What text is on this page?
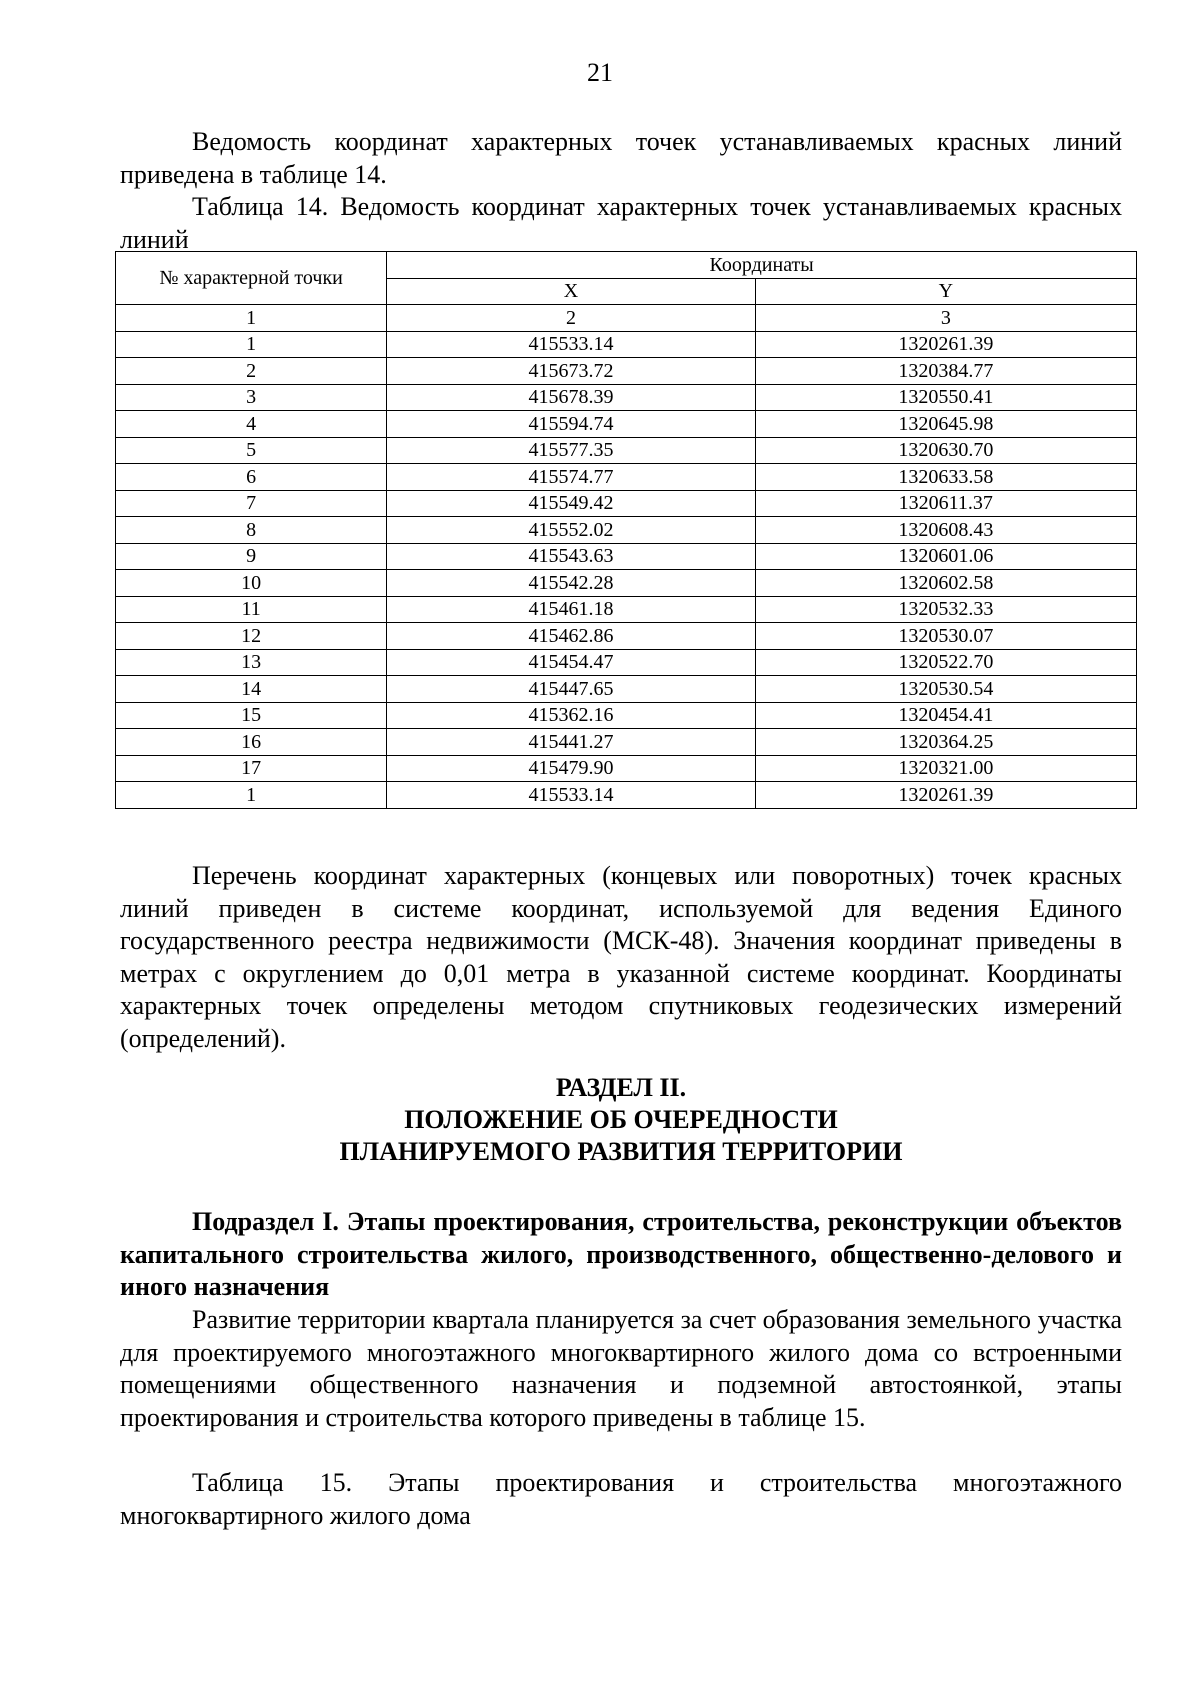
21

Ведомость координат характерных точек устанавливаемых красных линий приведена в таблице 14.

Таблица 14. Ведомость координат характерных точек устанавливаемых красных линий

№ характерной точки	Координаты	
	X	Y
1	2	3
1	415533.14	1320261.39
2	415673.72	1320384.77
3	415678.39	1320550.41
4	415594.74	1320645.98
5	415577.35	1320630.70
6	415574.77	1320633.58
7	415549.42	1320611.37
8	415552.02	1320608.43
9	415543.63	1320601.06
10	415542.28	1320602.58
11	415461.18	1320532.33
12	415462.86	1320530.07
13	415454.47	1320522.70
14	415447.65	1320530.54
15	415362.16	1320454.41
16	415441.27	1320364.25
17	415479.90	1320321.00
1	415533.14	1320261.39

Перечень координат характерных (концевых или поворотных) точек красных линий приведен в системе координат, используемой для ведения Единого государственного реестра недвижимости (МСК-48). Значения координат приведены в метрах с округлением до 0,01 метра в указанной системе координат. Координаты характерных точек определены методом спутниковых геодезических измерений (определений).

РАЗДЕЛ II.
ПОЛОЖЕНИЕ ОБ ОЧЕРЕДНОСТИ
ПЛАНИРУЕМОГО РАЗВИТИЯ ТЕРРИТОРИИ

Подраздел I. Этапы проектирования, строительства, реконструкции объектов капитального строительства жилого, производственного, общественно-делового и иного назначения

Развитие территории квартала планируется за счет образования земельного участка для проектируемого многоэтажного многоквартирного жилого дома со встроенными помещениями общественного назначения и подземной автостоянкой, этапы проектирования и строительства которого приведены в таблице 15.

Таблица 15. Этапы проектирования и строительства многоэтажного многоквартирного жилого дома
